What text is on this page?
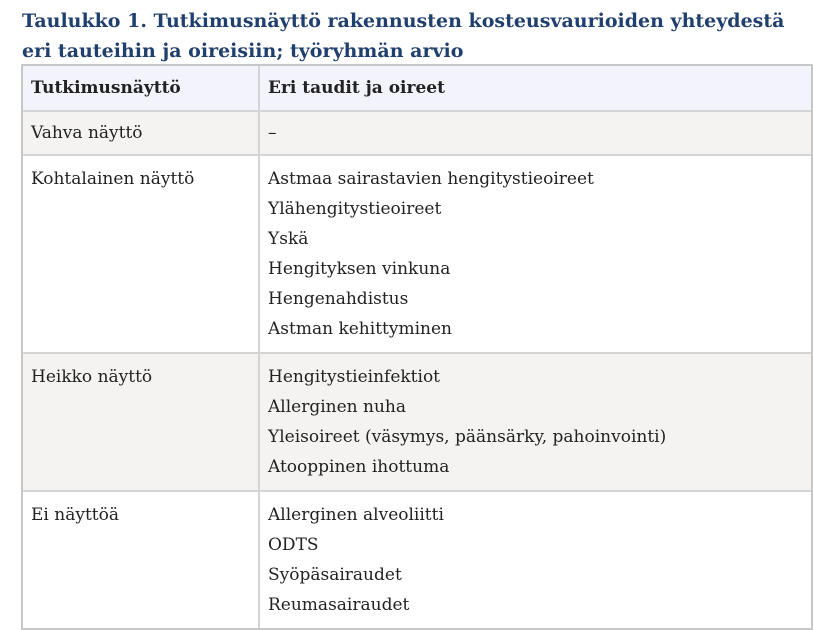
Taulukko 1. Tutkimusnäyttö rakennusten kosteusvaurioiden yhteydestä eri tauteihin ja oireisiin; työryhmän arvio
Tutkimusnäyttö	Eri taudit ja oireet
Vahva näyttö	–
Kohtalainen näyttö	Astmaa sairastavien hengitystieoireet
Ylähengitystieoireet
Yskä
Hengityksen vinkuna
Hengenahdistus
Astman kehittyminen
Heikko näyttö	Hengitystieinfektiot
Allerginen nuha
Yleisoireet (väsymys, päänsärky, pahoinvointi)
Atooppinen ihottuma
Ei näyttöä	Allerginen alveoliitti
ODTS
Syöpäsairaudet
Reumasairaudet
